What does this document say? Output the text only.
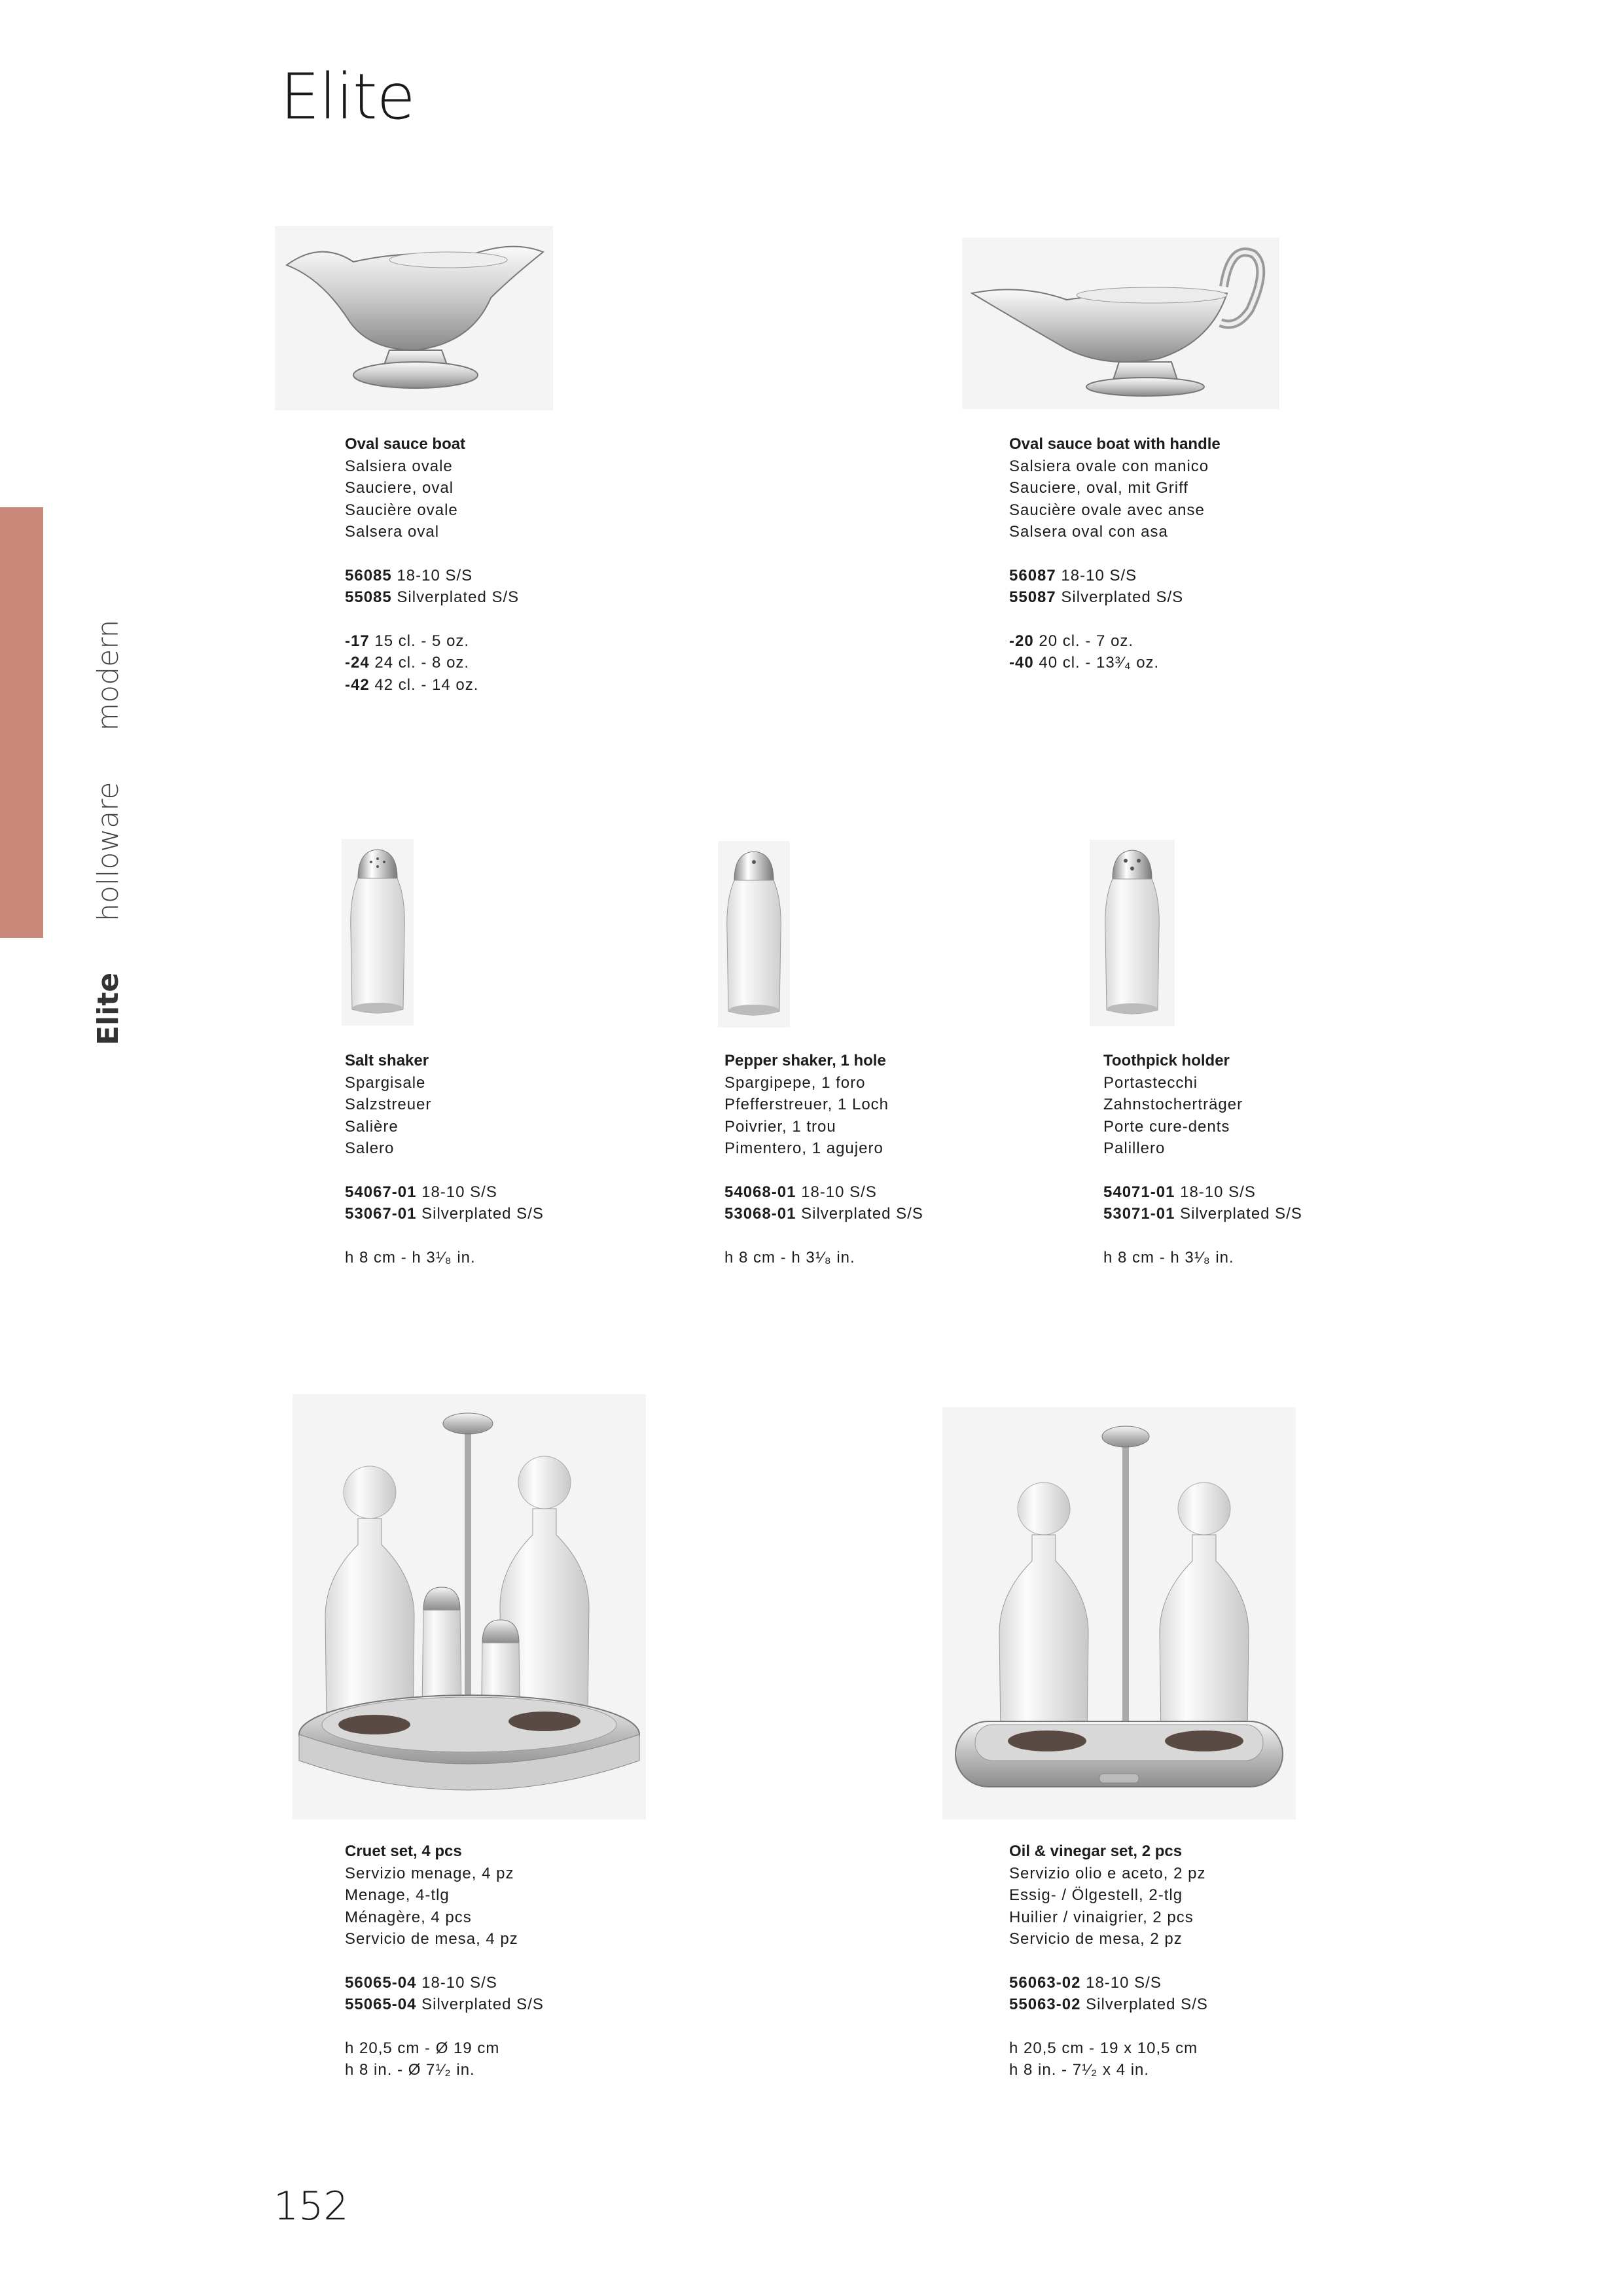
Elite
Elitehollowaremodern
Oval sauce boat
Salsiera ovale
Sauciere, oval
Saucière ovale
Salsera oval
56085 18-10 S/S
55085 Silverplated S/S
-17 15 cl. - 5 oz.
-24 24 cl. - 8 oz.
-42 42 cl. - 14 oz.
Oval sauce boat with handle
Salsiera ovale con manico
Sauciere, oval, mit Griff
Saucière ovale avec anse
Salsera oval con asa
56087 18-10 S/S
55087 Silverplated S/S
-20 20 cl. - 7 oz.
-40 40 cl. - 13³⁄₄ oz.
Salt shaker
Spargisale
Salzstreuer
Salière
Salero
54067-01 18-10 S/S
53067-01 Silverplated S/S
h 8 cm - h 3¹⁄₈ in.
Pepper shaker, 1 hole
Spargipepe, 1 foro
Pfefferstreuer, 1 Loch
Poivrier, 1 trou
Pimentero, 1 agujero
54068-01 18-10 S/S
53068-01 Silverplated S/S
h 8 cm - h 3¹⁄₈ in.
Toothpick holder
Portastecchi
Zahnstocherträger
Porte cure-dents
Palillero
54071-01 18-10 S/S
53071-01 Silverplated S/S
h 8 cm - h 3¹⁄₈ in.
Cruet set, 4 pcs
Servizio menage, 4 pz
Menage, 4-tlg
Ménagère, 4 pcs
Servicio de mesa, 4 pz
56065-04 18-10 S/S
55065-04 Silverplated S/S
h 20,5 cm - Ø 19 cm
h 8 in. - Ø 7¹⁄₂ in.
Oil & vinegar set, 2 pcs
Servizio olio e aceto, 2 pz
Essig- / Ölgestell, 2-tlg
Huilier / vinaigrier, 2 pcs
Servicio de mesa, 2 pz
56063-02 18-10 S/S
55063-02 Silverplated S/S
h 20,5 cm - 19 x 10,5 cm
h 8 in. - 7¹⁄₂ x 4 in.
152
